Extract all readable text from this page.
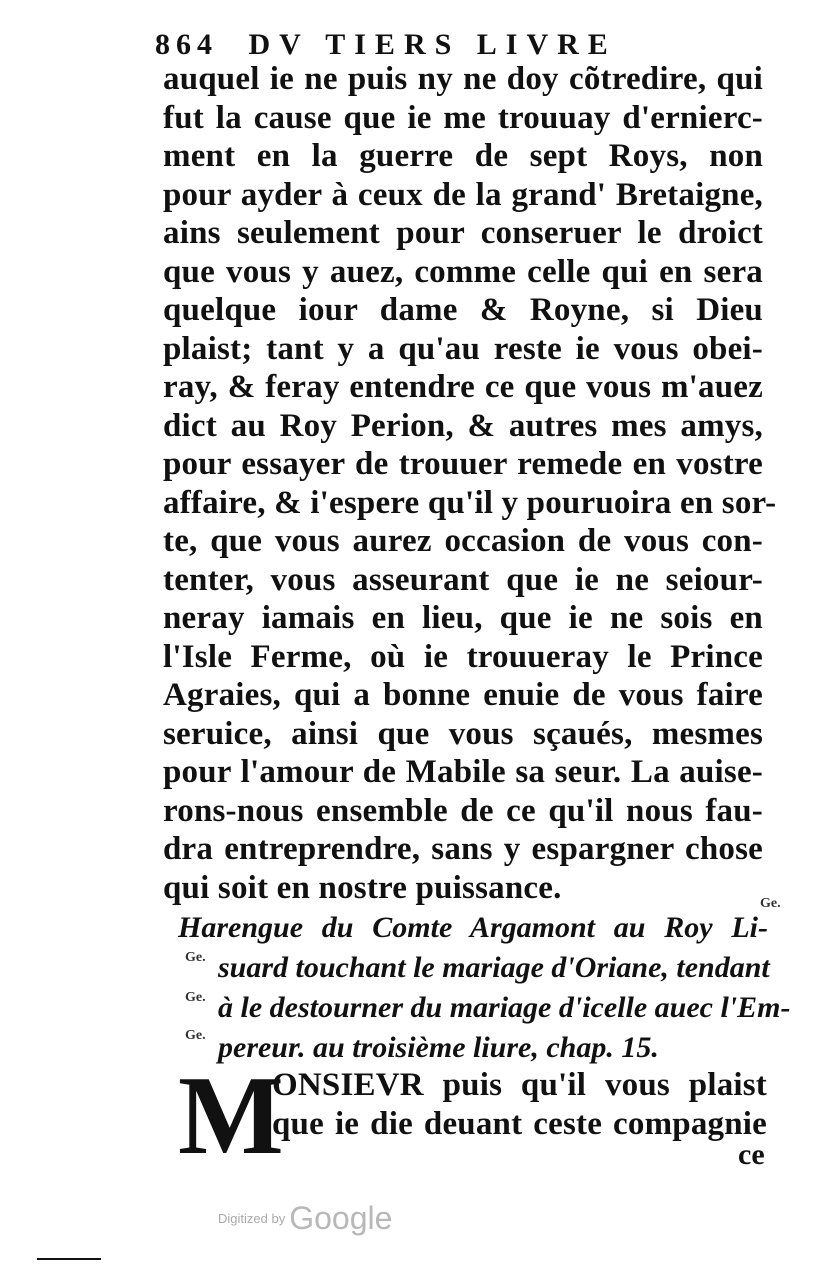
864 DV TIERS LIVRE
auquel ie ne puis ny ne doy cõtredire, qui
fut la cause que ie me trouuay d'ernierc-
ment en la guerre de sept Roys, non
pour ayder à ceux de la grand' Bretaigne,
ains seulement pour conseruer le droict
que vous y auez, comme celle qui en sera
quelque iour dame & Royne, si Dieu
plaist; tant y a qu'au reste ie vous obei-
ray, & feray entendre ce que vous m'auez
dict au Roy Perion, & autres mes amys,
pour essayer de trouuer remede en vostre
affaire, & i'espere qu'il y pouruoira en sor-
te, que vous aurez occasion de vous con-
tenter, vous asseurant que ie ne seiour-
neray iamais en lieu, que ie ne sois en
l'Isle Ferme, où ie trouueray le Prince
Agraies, qui a bonne enuie de vous faire
seruice, ainsi que vous sçaués, mesmes
pour l'amour de Mabile sa seur. La auise-
rons-nous ensemble de ce qu'il nous fau-
dra entreprendre, sans y espargner chose
qui soit en nostre puissance.
Harengue du Comte Argamont au Roy Li-
suard touchant le mariage d'Oriane, tendant
à le destourner du mariage d'icelle auec l'Em-
pereur. au troisième liure, chap. 15.
Ge.
Ge.
Ge.
Ge.
M
ONSIEVR puis qu'il vous plaist
que ie die deuant ceste compagnie
ce
Digitized by Google
